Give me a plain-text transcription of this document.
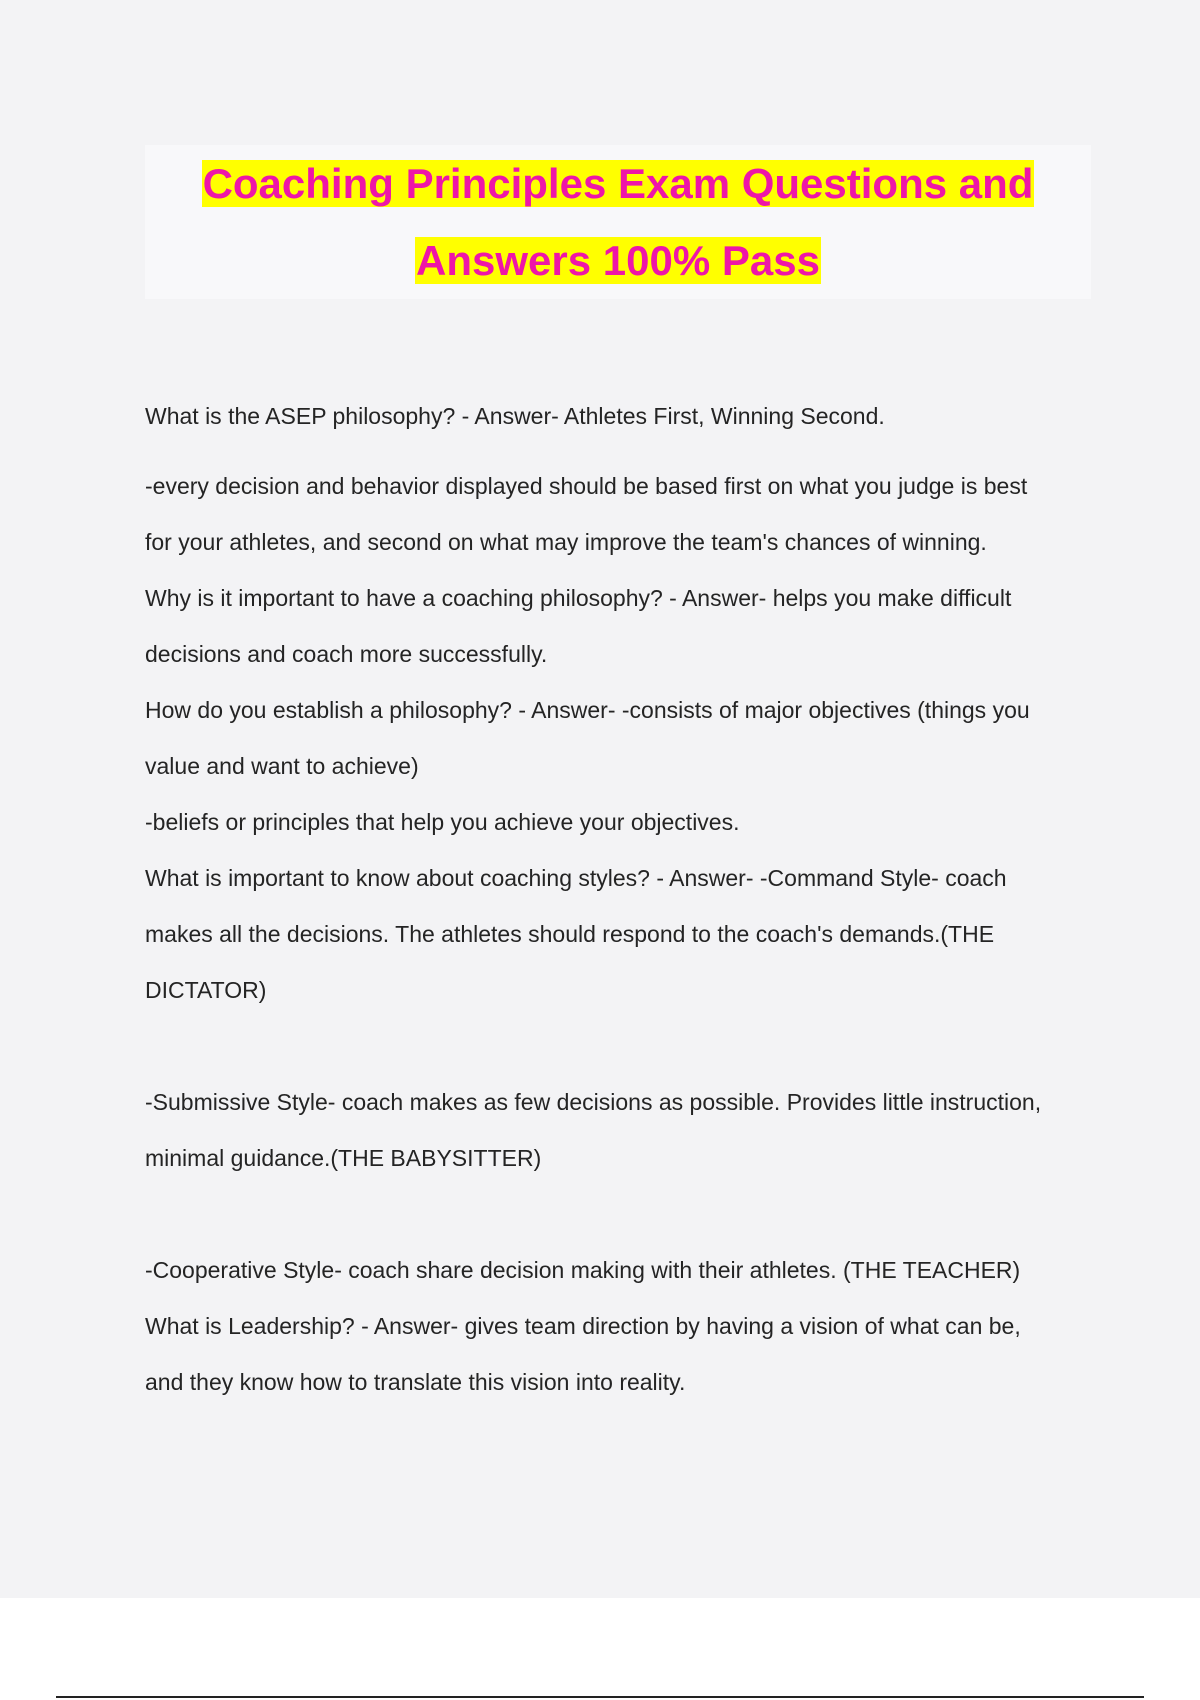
Coaching Principles Exam Questions and
Answers 100% Pass
What is the ASEP philosophy? - Answer- Athletes First, Winning Second.
-every decision and behavior displayed should be based first on what you judge is best
for your athletes, and second on what may improve the team's chances of winning.
Why is it important to have a coaching philosophy? - Answer- helps you make difficult
decisions and coach more successfully.
How do you establish a philosophy? - Answer- -consists of major objectives (things you
value and want to achieve)
-beliefs or principles that help you achieve your objectives.
What is important to know about coaching styles? - Answer- -Command Style- coach
makes all the decisions. The athletes should respond to the coach's demands.(THE
DICTATOR)
-Submissive Style- coach makes as few decisions as possible. Provides little instruction,
minimal guidance.(THE BABYSITTER)
-Cooperative Style- coach share decision making with their athletes. (THE TEACHER)
What is Leadership? - Answer- gives team direction by having a vision of what can be,
and they know how to translate this vision into reality.
